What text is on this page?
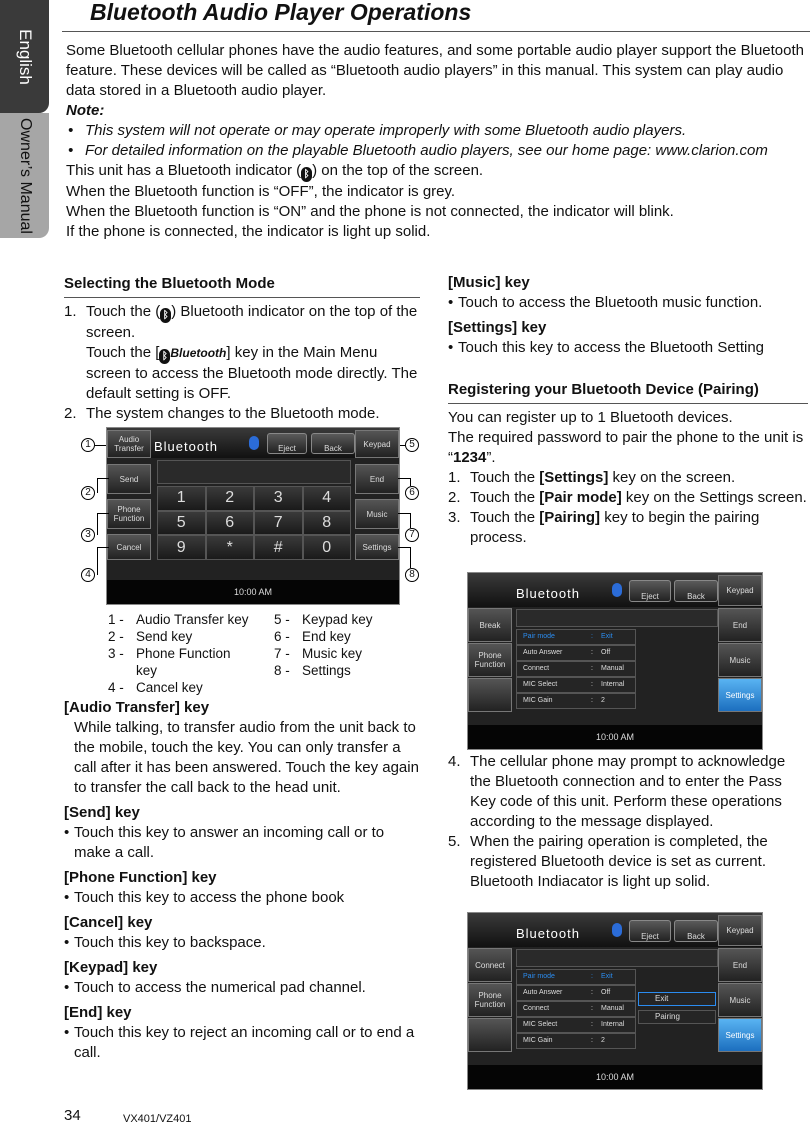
English
Owner’s Manual
Bluetooth Audio Player Operations

Some Bluetooth cellular phones have the audio features, and some portable audio player support the Bluetooth feature. These devices will be called as “Bluetooth audio players” in this manual. This system can play audio data stored in a Bluetooth audio player.

Note:

• This system will not operate or may operate improperly with some Bluetooth audio players.

• For detailed information on the playable Bluetooth audio players, see our home page: www.clarion.com

This unit has a Bluetooth indicator ( ᛒ ) on the top of the screen.

When the Bluetooth function is “OFF”, the indicator is grey.

When the Bluetooth function is “ON” and the phone is not connected, the indicator will blink.

If the phone is connected, the indicator is light up solid.

Selecting the Bluetooth Mode
1. Touch the ( ᛒ ) Bluetooth indicator on the top of the screen.
Touch the [ ᛒ Bluetooth] key in the Main Menu screen to access the Bluetooth mode directly. The default setting is OFF.
2. The system changes to the Bluetooth mode.
Bluetooth	Eject	Back
Audio Transfer
Send
Phone Function
Cancel
Keypad
End
Music
Settings
1	2	3	4
5	6	7	8
9	*	#	0
10:00 AM
1
2
3
4
5
6
7
8
1 - Audio Transfer key
2 - Send key
3 - Phone Function key
4 - Cancel key
5 - Keypad key
6 - End key
7 - Music key
8 - Settings
[Audio Transfer] key
While talking, to transfer audio from the unit back to the mobile, touch the key. You can only transfer a call after it has been answered. Touch the key again to transfer the call back to the head unit.
[Send] key
• Touch this key to answer an incoming call or to make a call.
[Phone Function] key
• Touch this key to access the phone book
[Cancel] key
• Touch this key to backspace.
[Keypad] key
• Touch to access the numerical pad channel.
[End] key
• Touch this key to reject an incoming call or to end a call.
[Music] key
• Touch to access the Bluetooth music function.
[Settings] key
• Touch this key to access the Bluetooth Setting
Registering your Bluetooth Device (Pairing)
You can register up to 1 Bluetooth devices.
The required password to pair the phone to the unit is “1234”.
1. Touch the [Settings] key on the screen.
2. Touch the [Pair mode] key on the Settings screen.
3. Touch the [Pairing] key to begin the pairing process.
Bluetooth	Eject	Back
Break
Phone Function
Keypad
End
Music
Settings
Pair mode	:	Exit
Auto Answer	:	Off
Connect	:	Manual
MIC Select	:	Internal
MIC Gain	:	2
10:00 AM
4. The cellular phone may prompt to acknowledge the Bluetooth connection and to enter the Pass Key code of this unit. Perform these operations according to the message displayed.
5. When the pairing operation is completed, the registered Bluetooth device is set as current. Bluetooth Indiacator is light up solid.
Bluetooth	Eject	Back
Connect
Phone Function
Keypad
End
Music
Settings
Pair mode	:	Exit
Auto Answer	:	Off
Connect	:	Manual
MIC Select	:	Internal
MIC Gain	:	2
Exit
Pairing
10:00 AM
34	VX401/VZ401
